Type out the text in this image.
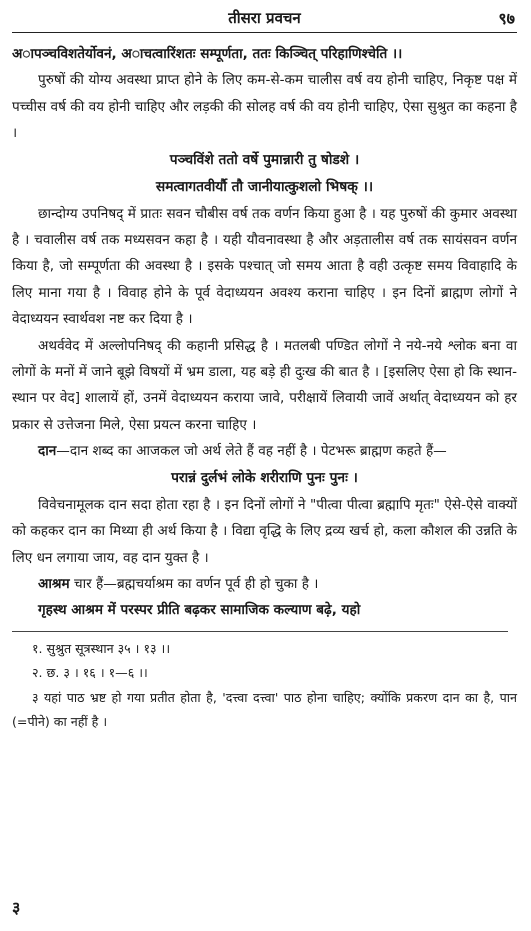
तीसरा प्रवचन	९७

अापञ्चविशतेर्योवनं, अाचत्वारिंशतः सम्पूर्णता, ततः किञ्चित् परिहाणिश्चेति ।।

पुरुषों की योग्य अवस्था प्राप्त होने के लिए कम-से-कम चालीस वर्ष वय होनी चाहिए, निकृष्ट पक्ष में पच्चीस वर्ष की वय होनी चाहिए और लड़की की सोलह वर्ष की वय होनी चाहिए, ऐसा सुश्रुत का कहना है ।

पञ्चविंशे ततो वर्षे पुमान्नारी तु षोडशे ।

समत्वागतवीर्यौ तौ जानीयात्कुशलो भिषक् ।।

छान्दोग्य उपनिषद् में प्रातः सवन चौबीस वर्ष तक वर्णन किया हुआ है । यह पुरुषों की कुमार अवस्था है । चवालीस वर्ष तक मध्यसवन कहा है । यही यौवनावस्था है और अड़तालीस वर्ष तक सायंसवन वर्णन किया है, जो सम्पूर्णता की अवस्था है । इसके पश्चात् जो समय आता है वही उत्कृष्ट समय विवाहादि के लिए माना गया है । विवाह होने के पूर्व वेदाध्ययन अवश्य कराना चाहिए । इन दिनों ब्राह्मण लोगों ने वेदाध्ययन स्वार्थवश नष्ट कर दिया है ।

अथर्ववेद में अल्लोपनिषद् की कहानी प्रसिद्ध है । मतलबी पण्डित लोगों ने नये-नये श्लोक बना वा लोगों के मनों में जाने बूझे विषयों में भ्रम डाला, यह बड़े ही दुःख की बात है । [इसलिए ऐसा हो कि स्थान-स्थान पर वेद] शालायें हों, उनमें वेदाध्ययन कराया जावे, परीक्षायें लिवायी जावें अर्थात् वेदाध्ययन को हर प्रकार से उत्तेजना मिले, ऐसा प्रयत्न करना चाहिए ।

दान—दान शब्द का आजकल जो अर्थ लेते हैं वह नहीं है । पेटभरू ब्राह्मण कहते हैं—

परान्नं दुर्लभं लोके शरीराणि पुनः पुनः ।

विवेचनामूलक दान सदा होता रहा है । इन दिनों लोगों ने "पीत्वा पीत्वा ब्रह्मापि मृतः" ऐसे-ऐसे वाक्यों को कहकर दान का मिथ्या ही अर्थ किया है । विद्या वृद्धि के लिए द्रव्य खर्च हो, कला कौशल की उन्नति के लिए धन लगाया जाय, वह दान युक्त है ।

आश्रम चार हैं—ब्रह्मचर्याश्रम का वर्णन पूर्व ही हो चुका है ।

गृहस्थ आश्रम में परस्पर प्रीति बढ़कर सामाजिक कल्याण बढ़े, यहो

१. सुश्रुत सूत्रस्थान ३५ । १३ ।।

२. छ. ३ । १६ । १—६ ।।

३ यहां पाठ भ्रष्ट हो गया प्रतीत होता है, 'दत्त्वा दत्त्वा' पाठ होना चाहिए; क्योंकि प्रकरण दान का है, पान (=पीने) का नहीं है ।

३
